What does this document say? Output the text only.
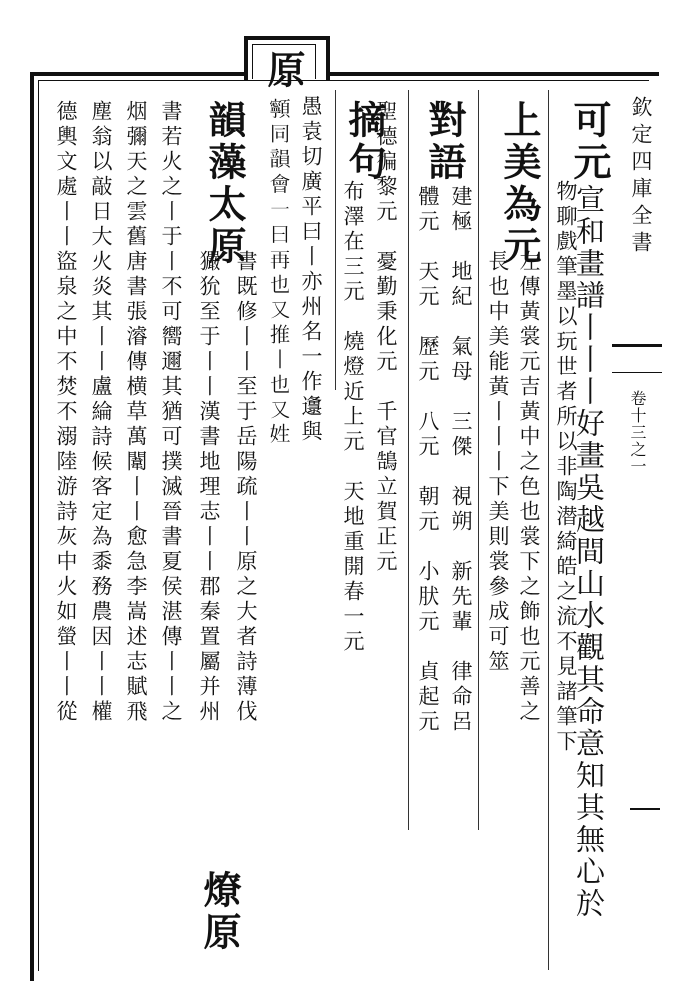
欽定四庫全書
卷十三之一
可元宣和畫譜丨丨丨好畫吳越間山水觀其命意知其無心於
物聊戲筆墨以玩世者所以非陶潜綺皓之流不見諸筆下
上美為元
左傳黃裳元吉黃中之色也裳下之飾也元善之
長也中美能黃丨丨丨下美則裳參成可筮
對語
建極　地紀　氣母　三傑　視朔　新先輩　律命呂
體元　天元　歷元　八元　朝元　小肰元　貞起元
聖德徧黎元　憂勤秉化元　千官鵠立賀正元
摘句
布澤在三元　燒燈近上元　天地重開春一元
原
愚袁切廣平曰丨亦州名一作邍與
𩕳同韻會一曰再也又推丨也又姓
韻藻太原
書既修丨丨至于岳陽疏丨丨原之大者詩薄伐
玁狁至于丨丨漢書地理志丨丨郡秦置屬并州
燎原
書若火之丨于丨不可嚮邇其猶可撲滅晉書夏侯湛傳丨丨之
烟彌天之雲舊唐書張濬傳横草萬闈丨丨愈急李嵩述志賦飛
塵翁以敲日大火炎其丨丨盧綸詩候客定為黍務農因丨丨權
德輿文處丨丨盜泉之中不焚不溺陸游詩灰中火如螢丨丨從
